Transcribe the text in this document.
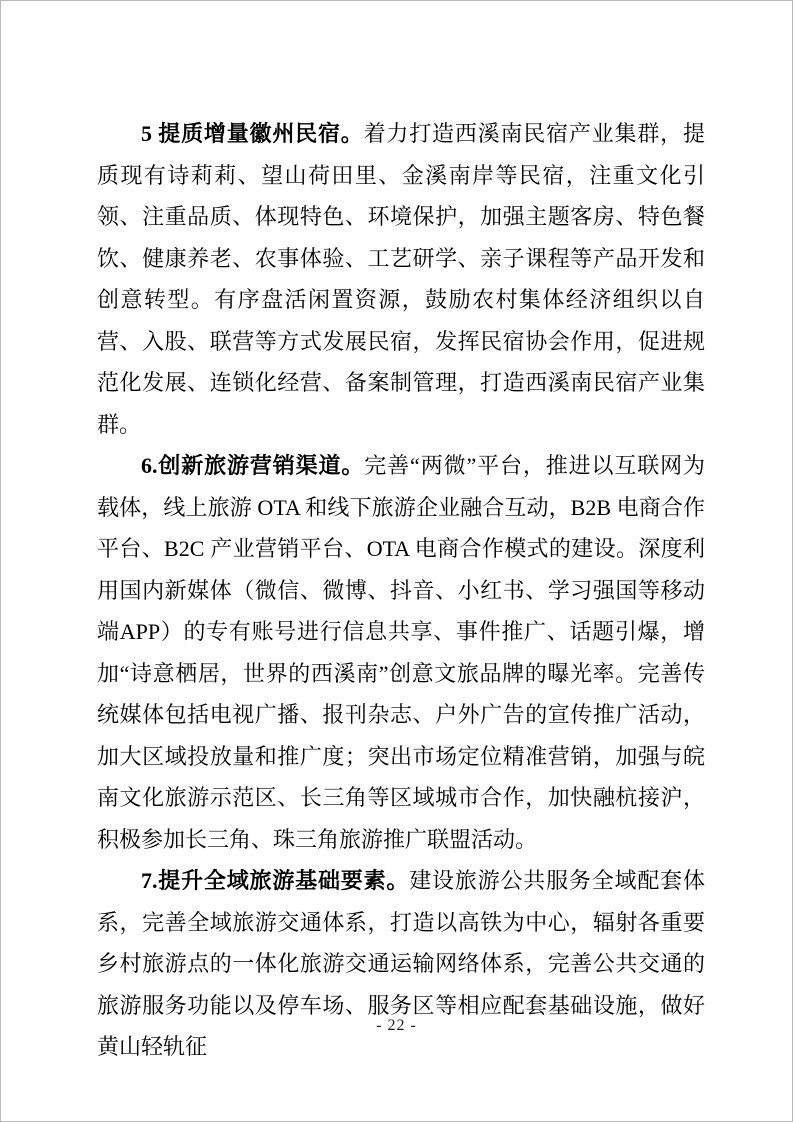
5 提质增量徽州民宿。着力打造西溪南民宿产业集群，提质现有诗莉莉、望山荷田里、金溪南岸等民宿，注重文化引领、注重品质、体现特色、环境保护，加强主题客房、特色餐饮、健康养老、农事体验、工艺研学、亲子课程等产品开发和创意转型。有序盘活闲置资源，鼓励农村集体经济组织以自营、入股、联营等方式发展民宿，发挥民宿协会作用，促进规范化发展、连锁化经营、备案制管理，打造西溪南民宿产业集群。

6.创新旅游营销渠道。完善“两微”平台，推进以互联网为载体，线上旅游 OTA 和线下旅游企业融合互动，B2B 电商合作平台、B2C 产业营销平台、OTA 电商合作模式的建设。深度利用国内新媒体（微信、微博、抖音、小红书、学习强国等移动端APP）的专有账号进行信息共享、事件推广、话题引爆，增加“诗意栖居，世界的西溪南”创意文旅品牌的曝光率。完善传统媒体包括电视广播、报刊杂志、户外广告的宣传推广活动，加大区域投放量和推广度；突出市场定位精准营销，加强与皖南文化旅游示范区、长三角等区域城市合作，加快融杭接沪，积极参加长三角、珠三角旅游推广联盟活动。

7.提升全域旅游基础要素。建设旅游公共服务全域配套体系，完善全域旅游交通体系，打造以高铁为中心，辐射各重要乡村旅游点的一体化旅游交通运输网络体系，完善公共交通的旅游服务功能以及停车场、服务区等相应配套基础设施，做好黄山轻轨征

- 22 -
